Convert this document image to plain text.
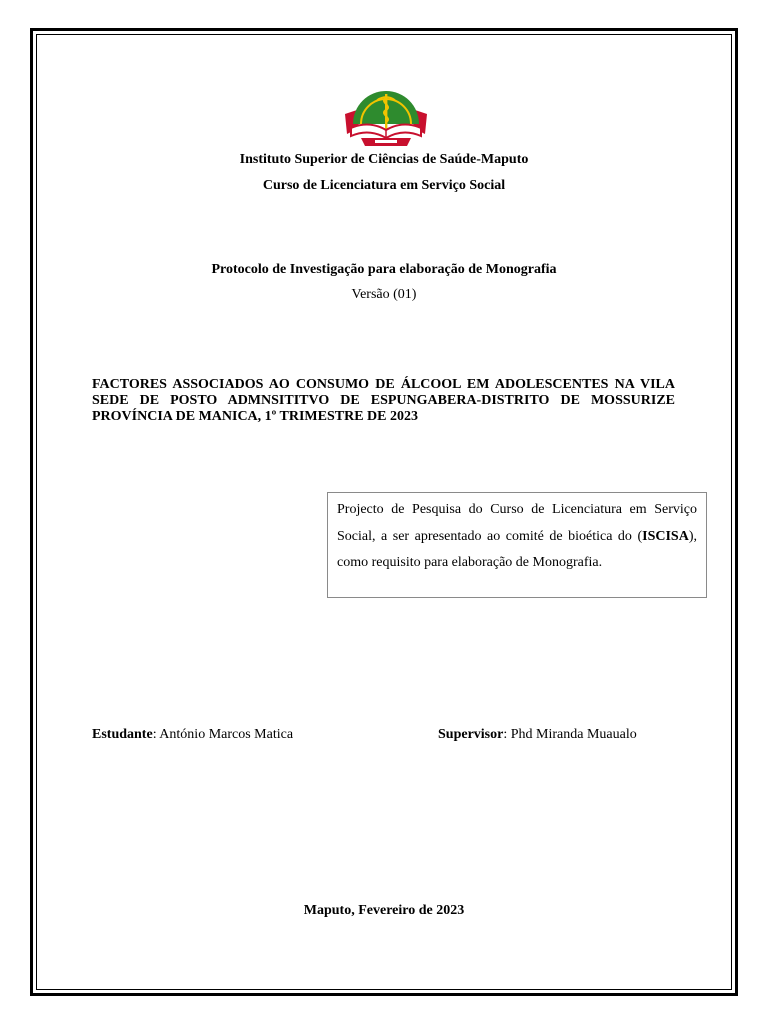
Instituto Superior de Ciências de Saúde-Maputo
Curso de Licenciatura em Serviço Social
Protocolo de Investigação para elaboração de Monografia
Versão (01)
FACTORES ASSOCIADOS AO CONSUMO DE ÁLCOOL EM ADOLESCENTES NA VILA SEDE DE POSTO ADMNSITITVO DE ESPUNGABERA-DISTRITO DE MOSSURIZE PROVÍNCIA DE MANICA, 1º TRIMESTRE DE 2023
Projecto de Pesquisa do Curso de Licenciatura em Serviço Social, a ser apresentado ao comité de bioética do (ISCISA), como requisito para elaboração de Monografia.
Estudante: António Marcos Matica	Supervisor: Phd Miranda Muaualo
Maputo, Fevereiro de 2023
